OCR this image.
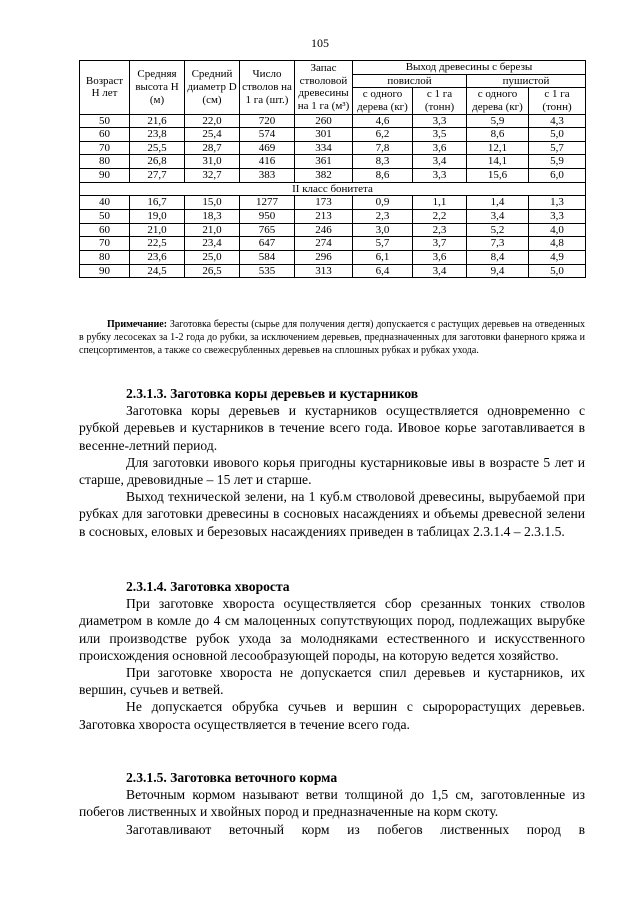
105
Возраст H лет	Средняя высота H (м)	Средний диаметр D (см)	Число стволов на 1 га (шт.)	Запас стволовой древесины на 1 га (м³)	Выход древесины с березы			
					повислой		пушистой	
					с одного дерева (кг)	с 1 га (тонн)	с одного дерева (кг)	с 1 га (тонн)
50	21,6	22,0	720	260	4,6	3,3	5,9	4,3
60	23,8	25,4	574	301	6,2	3,5	8,6	5,0
70	25,5	28,7	469	334	7,8	3,6	12,1	5,7
80	26,8	31,0	416	361	8,3	3,4	14,1	5,9
90	27,7	32,7	383	382	8,6	3,3	15,6	6,0
II класс бонитета								
40	16,7	15,0	1277	173	0,9	1,1	1,4	1,3
50	19,0	18,3	950	213	2,3	2,2	3,4	3,3
60	21,0	21,0	765	246	3,0	2,3	5,2	4,0
70	22,5	23,4	647	274	5,7	3,7	7,3	4,8
80	23,6	25,0	584	296	6,1	3,6	8,4	4,9
90	24,5	26,5	535	313	6,4	3,4	9,4	5,0
Примечание: Заготовка бересты (сырье для получения дегтя) допускается с растущих деревьев на отведенных в рубку лесосеках за 1-2 года до рубки, за исключением деревьев, предназначенных для заготовки фанерного кряжа и спецсортиментов, а также со свежесрубленных деревьев на сплошных рубках и рубках ухода.
2.3.1.3. Заготовка коры деревьев и кустарников

Заготовка коры деревьев и кустарников осуществляется одновременно с рубкой деревьев и кустарников в течение всего года. Ивовое корье заготавливается в весенне-летний период.

Для заготовки ивового корья пригодны кустарниковые ивы в возрасте 5 лет и старше, древовидные – 15 лет и старше.

Выход технической зелени, на 1 куб.м стволовой древесины, вырубаемой при рубках для заготовки древесины в сосновых насаждениях и объемы древесной зелени в сосновых, еловых и березовых насаждениях приведен в таблицах 2.3.1.4 – 2.3.1.5.

2.3.1.4. Заготовка хвороста

При заготовке хвороста осуществляется сбор срезанных тонких стволов диаметром в комле до 4 см малоценных сопутствующих пород, подлежащих вырубке или производстве рубок ухода за молодняками естественного и искусственного происхождения основной лесообразующей породы, на которую ведется хозяйство.

При заготовке хвороста не допускается спил деревьев и кустарников, их вершин, сучьев и ветвей.

Не допускается обрубка сучьев и вершин с сыророрастущих деревьев. Заготовка хвороста осуществляется в течение всего года.

2.3.1.5. Заготовка веточного корма

Веточным кормом называют ветви толщиной до 1,5 см, заготовленные из побегов лиственных и хвойных пород и предназначенные на корм скоту.

Заготавливают веточный корм из побегов лиственных пород в
